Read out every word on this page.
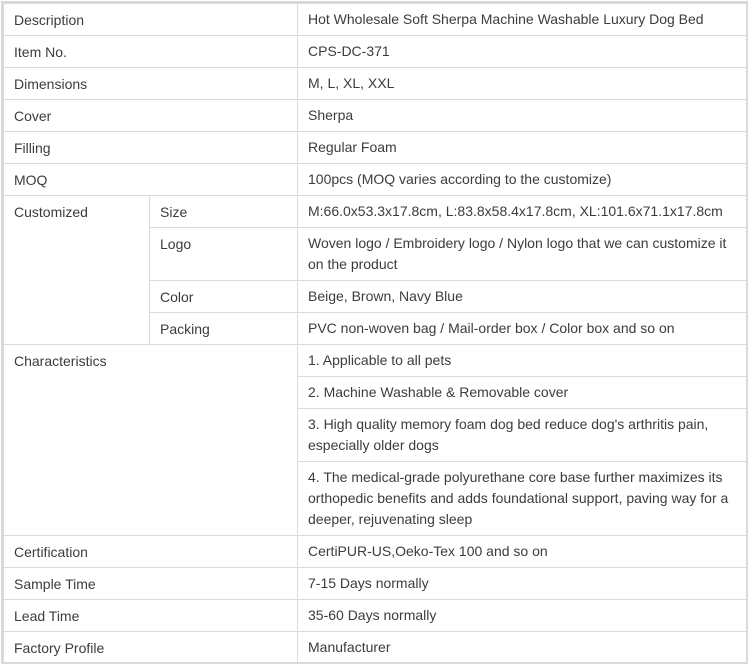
Description		Hot Wholesale Soft Sherpa Machine Washable Luxury Dog Bed
Item No.		CPS-DC-371
Dimensions		M, L, XL, XXL
Cover		Sherpa
Filling		Regular Foam
MOQ		100pcs (MOQ varies according to the customize)
Customized	Size	M:66.0x53.3x17.8cm, L:83.8x58.4x17.8cm, XL:101.6x71.1x17.8cm
	Logo	Woven logo / Embroidery logo / Nylon logo that we can customize it on the product
	Color	Beige, Brown, Navy Blue
	Packing	PVC non-woven bag / Mail-order box / Color box and so on
Characteristics		1. Applicable to all pets
		2. Machine Washable & Removable cover
		3. High quality memory foam dog bed reduce dog's arthritis pain, especially older dogs
		4. The medical-grade polyurethane core base further maximizes its orthopedic benefits and adds foundational support, paving way for a deeper, rejuvenating sleep
Certification		CertiPUR-US,Oeko-Tex 100 and so on
Sample Time		7-15 Days normally
Lead Time		35-60 Days normally
Factory Profile		Manufacturer
